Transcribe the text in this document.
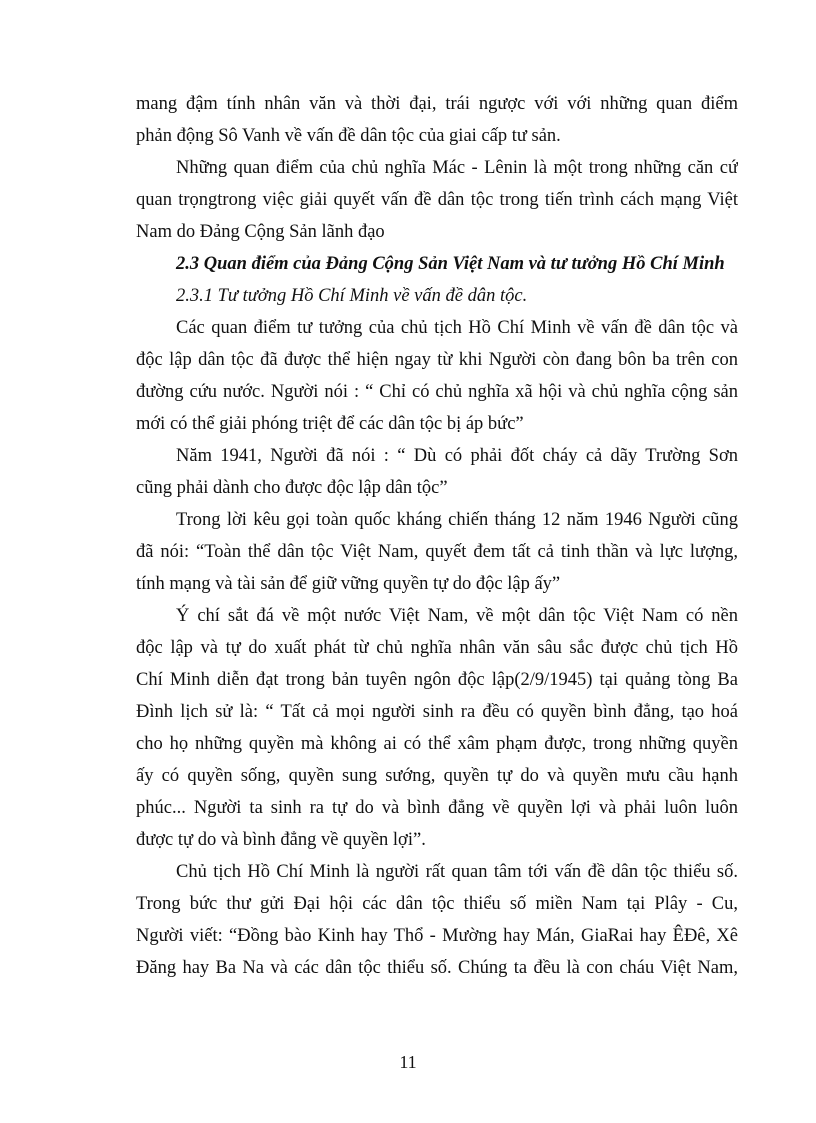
mang đậm tính nhân văn và thời đại, trái ngược với với những quan điểm
phản động Sô Vanh về vấn đề dân tộc của giai cấp tư sản.
Những quan điểm của chủ nghĩa Mác - Lênin là một trong những căn cứ
quan trọngtrong việc giải quyết vấn đề dân tộc trong tiến trình cách mạng Việt
Nam do Đảng Cộng Sản lãnh đạo
2.3 Quan điểm của Đảng Cộng Sản Việt Nam và tư tưởng Hồ Chí Minh
2.3.1 Tư tưởng Hồ Chí Minh về vấn đề dân tộc.
Các quan điểm tư tưởng của chủ tịch Hồ Chí Minh về vấn đề dân tộc và
độc lập dân tộc đã được thể hiện ngay từ khi Người còn đang bôn ba trên con
đường cứu nước. Người nói : “ Chỉ có chủ nghĩa xã hội và chủ nghĩa cộng sản
mới có thể giải phóng triệt để các dân tộc bị áp bức”
Năm 1941, Người đã nói : “ Dù có phải đốt cháy cả dãy Trường Sơn
cũng phải dành cho được độc lập dân tộc”
Trong lời kêu gọi toàn quốc kháng chiến tháng 12 năm 1946 Người cũng
đã nói: “Toàn thể dân tộc Việt Nam, quyết đem tất cả tinh thần và lực lượng,
tính mạng và tài sản để giữ vững quyền tự do độc lập ấy”
Ý chí sắt đá về một nước Việt Nam, về một dân tộc Việt Nam có nền
độc lập và tự do xuất phát từ chủ nghĩa nhân văn sâu sắc được chủ tịch Hồ
Chí Minh diễn đạt trong bản tuyên ngôn độc lập(2/9/1945) tại quảng tòng Ba
Đình lịch sử là: “ Tất cả mọi người sinh ra đều có quyền bình đẳng, tạo hoá
cho họ những quyền mà không ai có thể xâm phạm được, trong những quyền
ấy có quyền sống, quyền sung sướng, quyền tự do và quyền mưu cầu hạnh
phúc... Người ta sinh ra tự do và bình đẳng về quyền lợi và phải luôn luôn
được tự do và bình đẳng về quyền lợi”.
Chủ tịch Hồ Chí Minh là người rất quan tâm tới vấn đề dân tộc thiểu số.
Trong bức thư gửi Đại hội các dân tộc thiểu số miền Nam tại Plây - Cu,
Người viết: “Đồng bào Kinh hay Thổ - Mường hay Mán, GiaRai hay ÊĐê, Xê
Đăng hay Ba Na và các dân tộc thiểu số. Chúng ta đều là con cháu Việt Nam,
11
